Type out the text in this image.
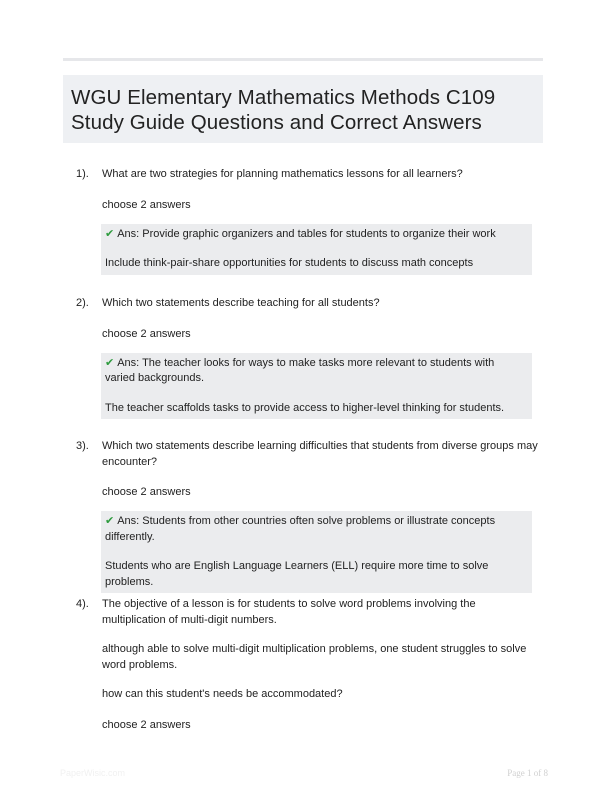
WGU Elementary Mathematics Methods C109
Study Guide Questions and Correct Answers
1). What are two strategies for planning mathematics lessons for all learners?

choose 2 answers

✔ Ans: Provide graphic organizers and tables for students to organize their work

Include think-pair-share opportunities for students to discuss math concepts

2). Which two statements describe teaching for all students?

choose 2 answers

✔ Ans: The teacher looks for ways to make tasks more relevant to students with varied backgrounds.

The teacher scaffolds tasks to provide access to higher-level thinking for students.

3). Which two statements describe learning difficulties that students from diverse groups may encounter?

choose 2 answers

✔ Ans: Students from other countries often solve problems or illustrate concepts differently.

Students who are English Language Learners (ELL) require more time to solve problems.

4). The objective of a lesson is for students to solve word problems involving the multiplication of multi-digit numbers.

although able to solve multi-digit multiplication problems, one student struggles to solve word problems.

how can this student's needs be accommodated?

choose 2 answers

PaperWisic.com	Page 1 of 8
